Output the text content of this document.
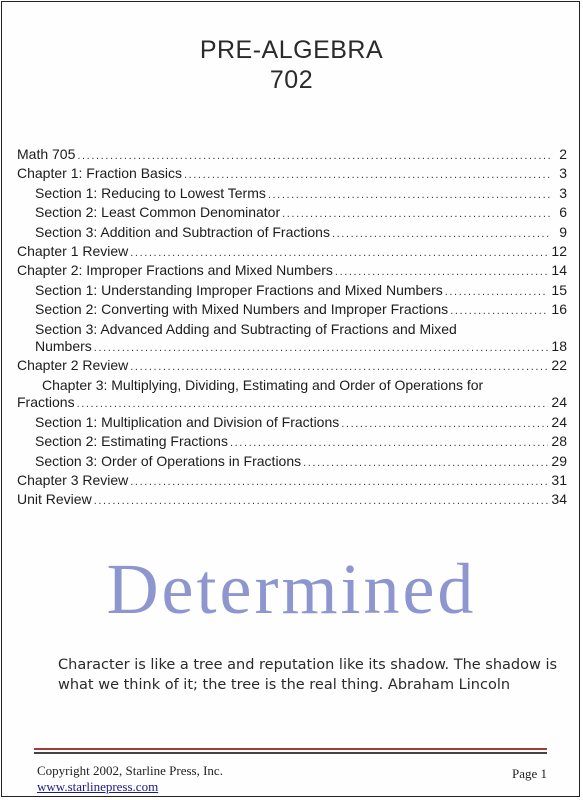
PRE-ALGEBRA
702
Math 705 .....	2
Chapter 1: Fraction Basics .....	3
Section 1: Reducing to Lowest Terms .....	3
Section 2: Least Common Denominator .....	6
Section 3: Addition and Subtraction of Fractions .....	9
Chapter 1 Review .....	12
Chapter 2: Improper Fractions and Mixed Numbers .....	14
Section 1: Understanding Improper Fractions and Mixed Numbers .....	15
Section 2: Converting with Mixed Numbers and Improper Fractions .....	16
Section 3: Advanced Adding and Subtracting of Fractions and Mixed
Numbers .....	18
Chapter 2 Review .....	22
Chapter 3: Multiplying, Dividing, Estimating and Order of Operations for
Fractions .....	24
Section 1: Multiplication and Division of Fractions .....	24
Section 2: Estimating Fractions .....	28
Section 3: Order of Operations in Fractions .....	29
Chapter 3 Review .....	31
Unit Review .....	34
Determined
Character is like a tree and reputation like its shadow. The shadow is what we think of it; the tree is the real thing. Abraham Lincoln
Copyright 2002, Starline Press, Inc.
www.starlinepress.com
Page 1
